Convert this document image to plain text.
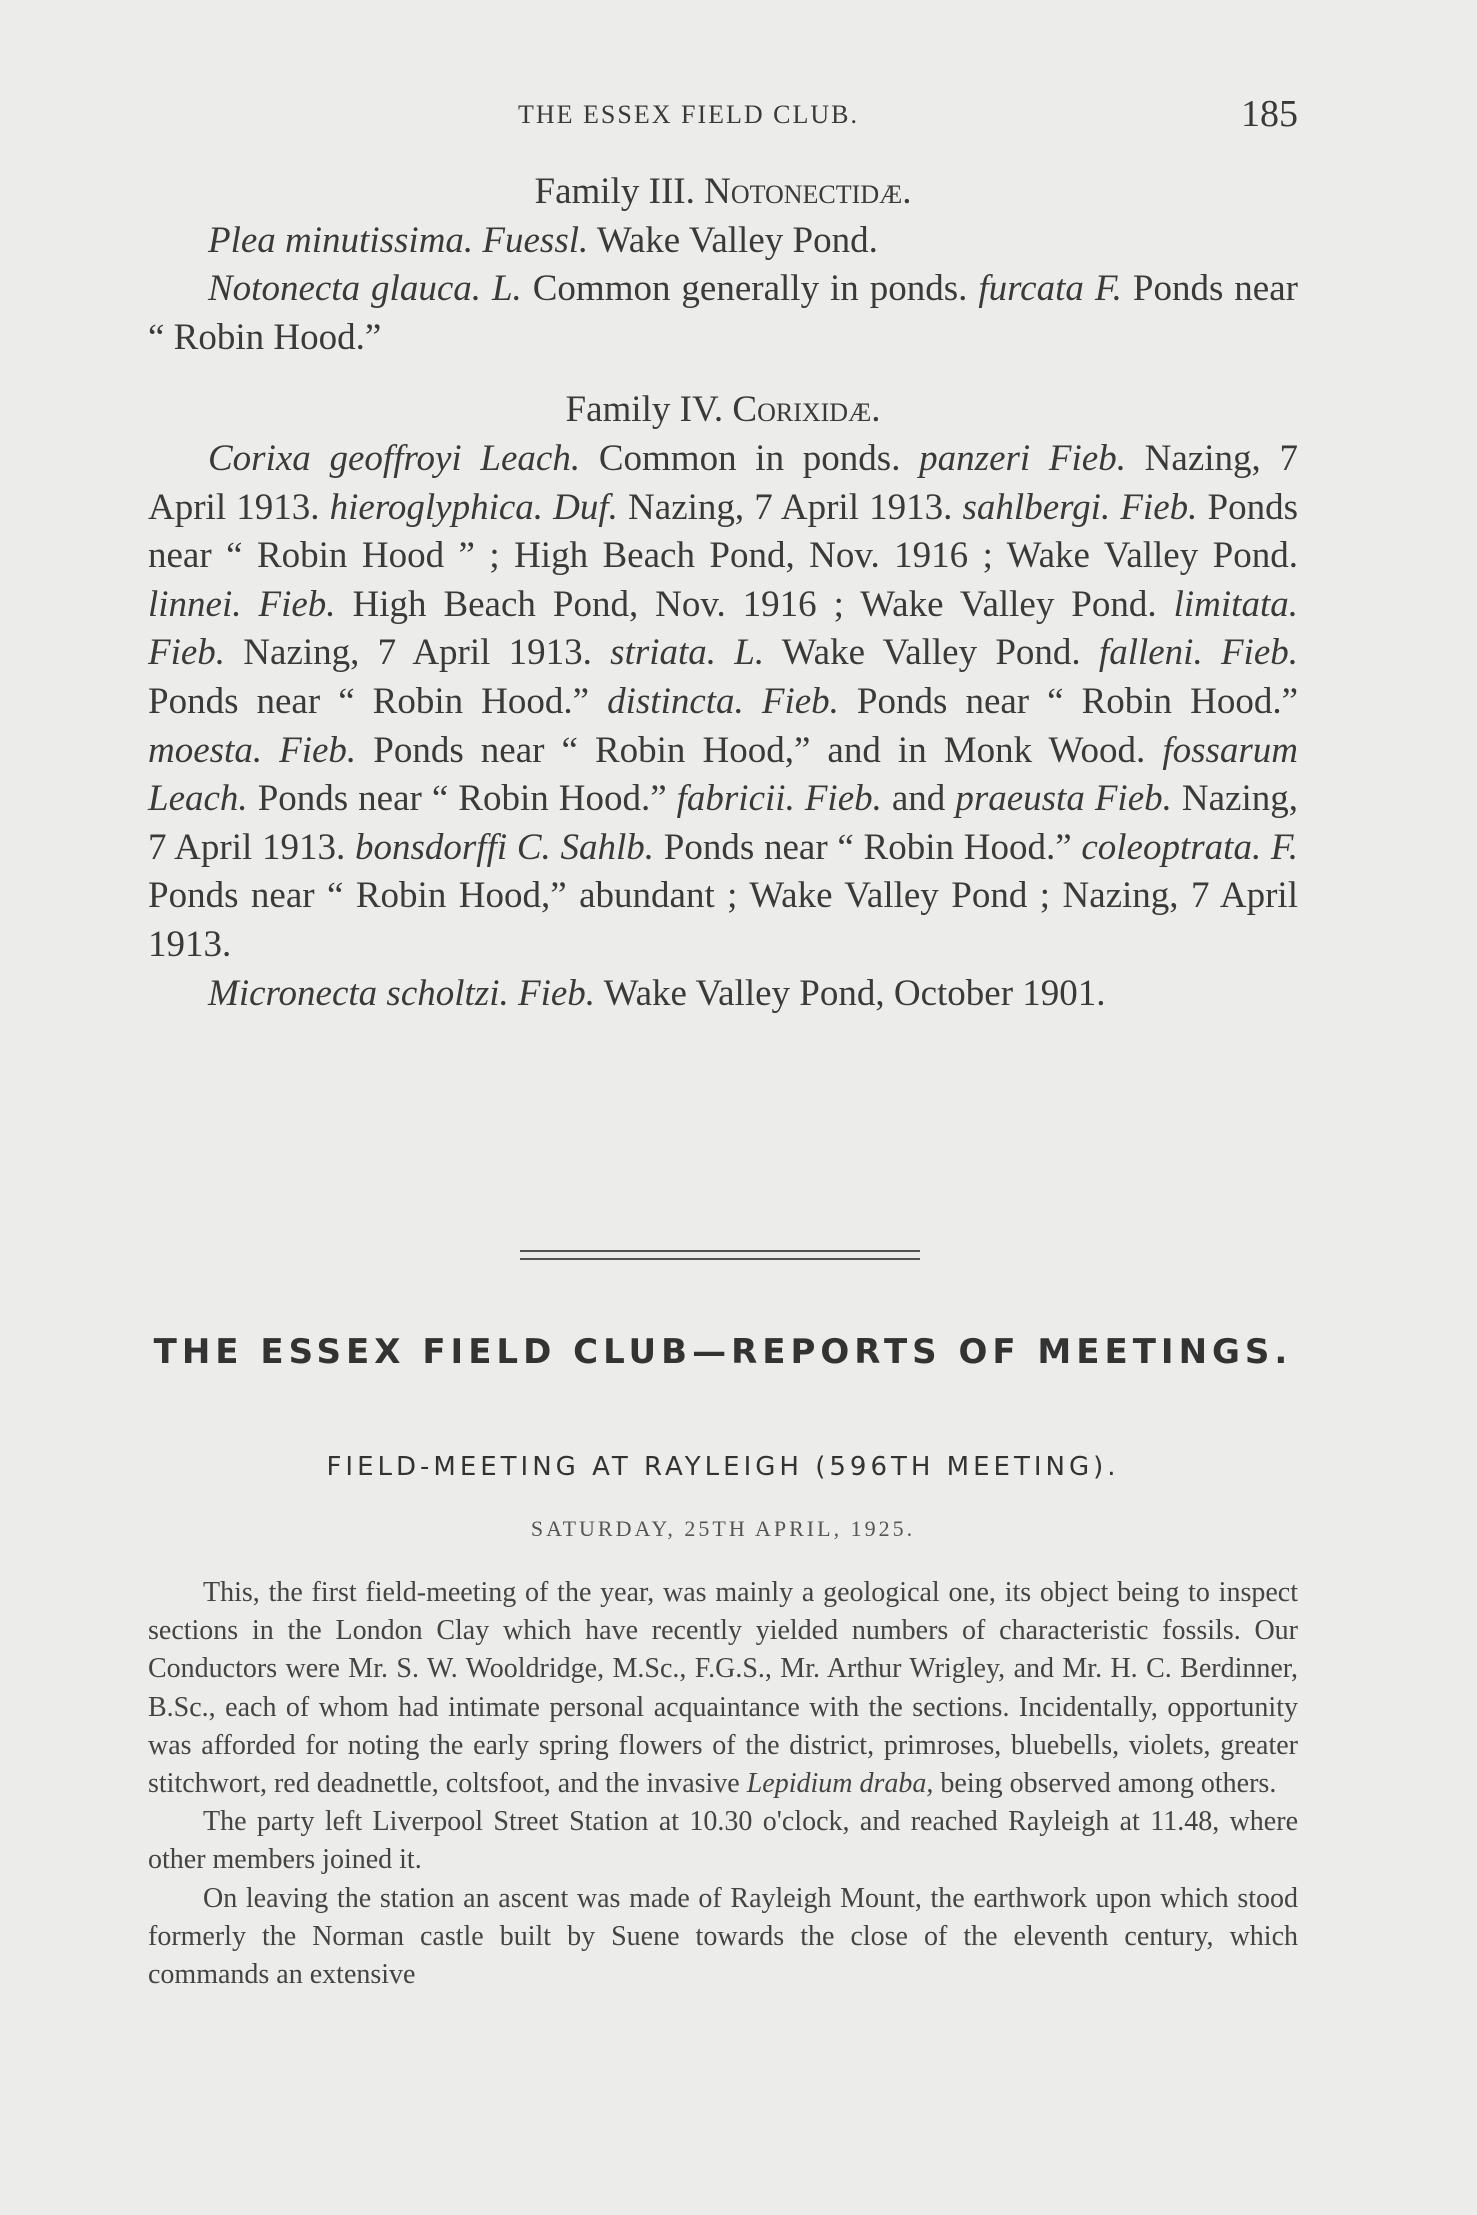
THE ESSEX FIELD CLUB.	185

Family III. Notonectidæ.

Plea minutissima. Fuessl. Wake Valley Pond.

Notonecta glauca. L. Common generally in ponds. furcata F. Ponds near “ Robin Hood.”

Family IV. Corixidæ.

Corixa geoffroyi Leach. Common in ponds. panzeri Fieb. Nazing, 7 April 1913. hieroglyphica. Duf. Nazing, 7 April 1913. sahlbergi. Fieb. Ponds near “ Robin Hood ” ; High Beach Pond, Nov. 1916 ; Wake Valley Pond. linnei. Fieb. High Beach Pond, Nov. 1916 ; Wake Valley Pond. limitata. Fieb. Nazing, 7 April 1913. striata. L. Wake Valley Pond. falleni. Fieb. Ponds near “ Robin Hood.” distincta. Fieb. Ponds near “ Robin Hood.” moesta. Fieb. Ponds near “ Robin Hood,” and in Monk Wood. fossarum Leach. Ponds near “ Robin Hood.” fabricii. Fieb. and praeusta Fieb. Nazing, 7 April 1913. bonsdorffi C. Sahlb. Ponds near “ Robin Hood.” coleoptrata. F. Ponds near “ Robin Hood,” abundant ; Wake Valley Pond ; Nazing, 7 April 1913.

Micronecta scholtzi. Fieb. Wake Valley Pond, October 1901.

THE ESSEX FIELD CLUB—REPORTS OF MEETINGS.
FIELD-MEETING AT RAYLEIGH (596TH MEETING).
SATURDAY, 25TH APRIL, 1925.

This, the first field-meeting of the year, was mainly a geological one, its object being to inspect sections in the London Clay which have recently yielded numbers of characteristic fossils. Our Conductors were Mr. S. W. Wooldridge, M.Sc., F.G.S., Mr. Arthur Wrigley, and Mr. H. C. Berdinner, B.Sc., each of whom had intimate personal acquaintance with the sections. Incidentally, opportunity was afforded for noting the early spring flowers of the district, primroses, bluebells, violets, greater stitchwort, red deadnettle, coltsfoot, and the invasive Lepidium draba, being observed among others.

The party left Liverpool Street Station at 10.30 o'clock, and reached Rayleigh at 11.48, where other members joined it.

On leaving the station an ascent was made of Rayleigh Mount, the earthwork upon which stood formerly the Norman castle built by Suene towards the close of the eleventh century, which commands an extensive
